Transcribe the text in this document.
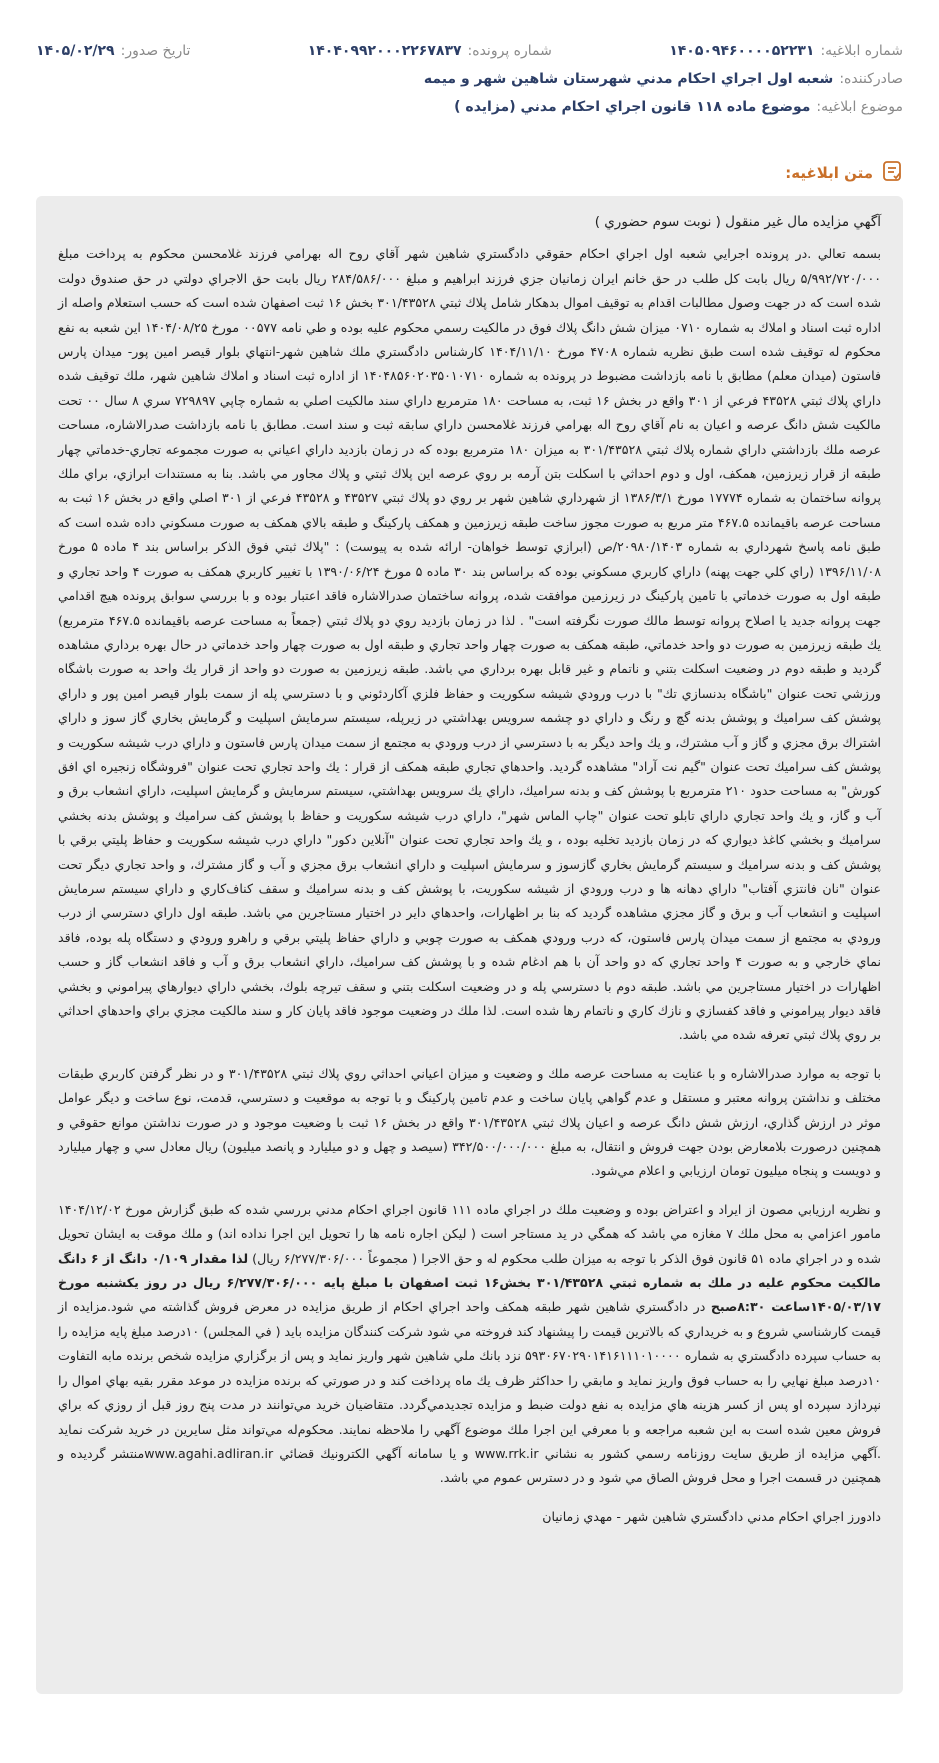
شماره ابلاغيه:
۱۴۰۵۰۹۴۶۰۰۰۰۵۲۲۳۱
شماره پرونده:
۱۴۰۴۰۹۹۲۰۰۰۲۲۶۷۸۳۷
تاريخ صدور:
۱۴۰۵/۰۲/۲۹
صادركننده:
شعبه اول اجراي احكام مدني شهرستان شاهين شهر و ميمه
موضوع ابلاغيه:
موضوع ماده ۱۱۸ قانون اجراي احكام مدني (مزايده )
متن ابلاغيه:

آگهي مزايده مال غير منقول ( نوبت سوم حضوري )

بسمه تعالي .در پرونده اجرايي شعبه اول اجراي احكام حقوقي دادگستري شاهين شهر آقاي روح اله بهرامي فرزند غلامحسن محكوم به پرداخت مبلغ ۵/۹۹۲/۷۲۰/۰۰۰ ريال بابت كل طلب در حق خانم ايران زمانيان جزي فرزند ابراهيم و مبلغ ۲۸۴/۵۸۶/۰۰۰ ريال بابت حق الاجراي دولتي در حق صندوق دولت شده است كه در جهت وصول مطالبات اقدام به توقيف اموال بدهكار شامل پلاك ثبتي ۳۰۱/۴۳۵۲۸ بخش ۱۶ ثبت اصفهان شده است كه حسب استعلام واصله از اداره ثبت اسناد و املاك به شماره ۰۷۱۰ ميزان شش دانگ پلاك فوق در مالكيت رسمي محكوم عليه بوده و طي نامه ۰۰۵۷۷ مورخ ۱۴۰۴/۰۸/۲۵ اين شعبه به نفع محكوم له توقيف شده است طبق نظريه شماره ۴۷۰۸ مورخ ۱۴۰۴/۱۱/۱۰ كارشناس دادگستري ملك شاهين شهر-انتهاي بلوار قيصر امين پور- ميدان پارس فاستون (ميدان معلم) مطابق با نامه بازداشت مضبوط در پرونده به شماره ۱۴۰۴۸۵۶۰۲۰۳۵۰۱۰۷۱۰ از اداره ثبت اسناد و املاك شاهين شهر، ملك توقيف شده داراي پلاك ثبتي ۴۳۵۲۸ فرعي از ۳۰۱ واقع در بخش ۱۶ ثبت، به مساحت ۱۸۰ مترمربع داراي سند مالكيت اصلي به شماره چاپي ۷۲۹۸۹۷ سري ۸ سال ۰۰ تحت مالكيت شش دانگ عرصه و اعيان به نام آقاي روح اله بهرامي فرزند غلامحسن داراي سابقه ثبت و سند است. مطابق با نامه بازداشت صدرالاشاره، مساحت عرصه ملك بازداشتي داراي شماره پلاك ثبتي ۳۰۱/۴۳۵۲۸ به ميزان ۱۸۰ مترمربع بوده كه در زمان بازديد داراي اعياني به صورت مجموعه تجاري-خدماتي چهار طبقه از قرار زيرزمين، همكف، اول و دوم احداثي با اسكلت بتن آرمه بر روي عرصه اين پلاك ثبتي و پلاك مجاور مي باشد. بنا به مستندات ابرازي، براي ملك پروانه ساختمان به شماره ۱۷۷۷۴ مورخ ۱۳۸۶/۳/۱ از شهرداري شاهين شهر بر روي دو پلاك ثبتي ۴۳۵۲۷ و ۴۳۵۲۸ فرعي از ۳۰۱ اصلي واقع در بخش ۱۶ ثبت به مساحت عرصه باقيمانده ۴۶۷.۵ متر مربع به صورت مجوز ساخت طبقه زيرزمين و همكف پاركينگ و طبقه بالاي همكف به صورت مسكوني داده شده است كه طبق نامه پاسخ شهرداري به شماره ۲۰۹۸۰/۱۴۰۳/ص (ابرازي توسط خواهان- ارائه شده به پيوست) : "پلاك ثبتي فوق الذكر براساس بند ۴ ماده ۵ مورخ ۱۳۹۶/۱۱/۰۸ (راي كلي جهت پهنه) داراي كاربري مسكوني بوده كه براساس بند ۳۰ ماده ۵ مورخ ۱۳۹۰/۰۶/۲۴ با تغيير كاربري همكف به صورت ۴ واحد تجاري و طبقه اول به صورت خدماتي با تامين پاركينگ در زيرزمين موافقت شده، پروانه ساختمان صدرالاشاره فاقد اعتبار بوده و با بررسي سوابق پرونده هيچ اقدامي جهت پروانه جديد يا اصلاح پروانه توسط مالك صورت نگرفته است" . لذا در زمان بازديد روي دو پلاك ثبتي (جمعاً به مساحت عرصه باقيمانده ۴۶۷.۵ مترمربع) يك طبقه زيرزمين به صورت دو واحد خدماتي، طبقه همكف به صورت چهار واحد تجاري و طبقه اول به صورت چهار واحد خدماتي در حال بهره برداري مشاهده گرديد و طبقه دوم در وضعيت اسكلت بتني و ناتمام و غير قابل بهره برداري مي باشد. طبقه زيرزمين به صورت دو واحد از قرار يك واحد به صورت باشگاه ورزشي تحت عنوان "باشگاه بدنسازي تك" با درب ورودي شيشه سكوريت و حفاظ فلزي آكاردئوني و با دسترسي پله از سمت بلوار قيصر امين پور و داراي پوشش كف سراميك و پوشش بدنه گچ و رنگ و داراي دو چشمه سرويس بهداشتي در زيرپله، سيستم سرمايش اسپليت و گرمايش بخاري گاز سوز و داراي اشتراك برق مجزي و گاز و آب مشترك، و يك واحد ديگر به با دسترسي از درب ورودي به مجتمع از سمت ميدان پارس فاستون و داراي درب شيشه سكوريت و پوشش كف سراميك تحت عنوان "گيم نت آراد" مشاهده گرديد. واحدهاي تجاري طبقه همكف از قرار : يك واحد تجاري تحت عنوان "فروشگاه زنجيره اي افق كورش" به مساحت حدود ۲۱۰ مترمربع با پوشش كف و بدنه سراميك، داراي يك سرويس بهداشتي، سيستم سرمايش و گرمايش اسپليت، داراي انشعاب برق و آب و گاز، و يك واحد تجاري داراي تابلو تحت عنوان "چاپ الماس شهر"، داراي درب شيشه سكوريت و حفاظ با پوشش كف سراميك و پوشش بدنه بخشي سراميك و بخشي كاغذ ديواري كه در زمان بازديد تخليه بوده ، و يك واحد تجاري تحت عنوان "آنلاين دكور" داراي درب شيشه سكوريت و حفاظ پليتي برقي با پوشش كف و بدنه سراميك و سيستم گرمايش بخاري گازسوز و سرمايش اسپليت و داراي انشعاب برق مجزي و آب و گاز مشترك، و واحد تجاري ديگر تحت عنوان "نان فانتزي آفتاب" داراي دهانه ها و درب ورودي از شيشه سكوريت، با پوشش كف و بدنه سراميك و سقف كناف‌كاري و داراي سيستم سرمايش اسپليت و انشعاب آب و برق و گاز مجزي مشاهده گرديد كه بنا بر اظهارات، واحدهاي داير در اختيار مستاجرين مي باشد. طبقه اول داراي دسترسي از درب ورودي به مجتمع از سمت ميدان پارس فاستون، كه درب ورودي همكف به صورت چوبي و داراي حفاظ پليتي برقي و راهرو ورودي و دستگاه پله بوده، فاقد نماي خارجي و به صورت ۴ واحد تجاري كه دو واحد آن با هم ادغام شده و با پوشش كف سراميك، داراي انشعاب برق و آب و فاقد انشعاب گاز و حسب اظهارات در اختيار مستاجرين مي باشد. طبقه دوم با دسترسي پله و در وضعيت اسكلت بتني و سقف تيرچه بلوك، بخشي داراي ديوارهاي پيراموني و بخشي فاقد ديوار پيراموني و فاقد كفسازي و نازك كاري و ناتمام رها شده است. لذا ملك در وضعيت موجود فاقد پايان كار و سند مالكيت مجزي براي واحدهاي احداثي بر روي پلاك ثبتي تعرفه شده مي باشد.

با توجه به موارد صدرالاشاره و با عنايت به مساحت عرصه ملك و وضعيت و ميزان اعياني احداثي روي پلاك ثبتي ۳۰۱/۴۳۵۲۸ و در نظر گرفتن كاربري طبقات مختلف و نداشتن پروانه معتبر و مستقل و عدم گواهي پايان ساخت و عدم تامين پاركينگ و با توجه به موقعيت و دسترسي، قدمت، نوع ساخت و ديگر عوامل موثر در ارزش گذاري، ارزش شش دانگ عرصه و اعيان پلاك ثبتي ۳۰۱/۴۳۵۲۸ واقع در بخش ۱۶ ثبت با وضعيت موجود و در صورت نداشتن موانع حقوقي و همچنين درصورت بلامعارض بودن جهت فروش و انتقال، به مبلغ ۳۴۲/۵۰۰/۰۰۰/۰۰۰ (سيصد و چهل و دو ميليارد و پانصد ميليون) ريال معادل سي و چهار ميليارد و دويست و پنجاه ميليون تومان ارزيابي و اعلام مي‌شود.

و نظريه ارزيابي مصون از ايراد و اعتراض بوده و وضعيت ملك در اجراي ماده ۱۱۱ قانون اجراي احكام مدني بررسي شده كه طبق گزارش مورخ ۱۴۰۴/۱۲/۰۲ مامور اعزامي به محل ملك ۷ مغازه مي باشد كه همگي در يد مستاجر است ( ليكن اجاره نامه ها را تحويل اين اجرا نداده اند) و ملك موقت به ايشان تحويل شده و در اجراي ماده ۵۱ قانون فوق الذكر با توجه به ميزان طلب محكوم له و حق الاجرا ( مجموعاً ۶/۲۷۷/۳۰۶/۰۰۰ ريال) لذا مقدار ۰/۱۰۹ دانگ از ۶ دانگ مالكيت محكوم عليه در ملك به شماره ثبتي ۳۰۱/۴۳۵۲۸ بخش۱۶ ثبت اصفهان با مبلغ پايه ۶/۲۷۷/۳۰۶/۰۰۰ ريال در روز يكشنبه مورخ ۱۴۰۵/۰۳/۱۷ساعت ۸:۳۰صبح در دادگستري شاهين شهر طبقه همكف واحد اجراي احكام از طريق مزايده در معرض فروش گذاشته مي شود.مزايده از قيمت كارشناسي شروع و به خريداري كه بالاترين قيمت را پيشنهاد كند فروخته مي شود شركت كنندگان مزايده بايد ( في المجلس) ۱۰درصد مبلغ پايه مزايده را به حساب سپرده دادگستري به شماره ۵۹۳۰۶۷۰۲۹۰۱۴۱۶۱۱۱۰۱۰۰۰۰ نزد بانك ملي شاهين شهر واريز نمايد و پس از برگزاري مزايده شخص برنده مابه التفاوت ۱۰درصد مبلغ نهايي را به حساب فوق واريز نمايد و مابقي را حداكثر ظرف يك ماه پرداخت كند و در صورتي كه برنده مزايده در موعد مقرر بقيه بهاي اموال را نپردازد سپرده او پس از كسر هزينه هاي مزايده به نفع دولت ضبط و مزايده تجديدمي‌گردد. متقاضيان خريد مي‌توانند در مدت پنج روز قبل از روزي كه براي فروش معين شده است به اين شعبه مراجعه و با معرفي اين اجرا ملك موضوع آگهي را ملاحظه نمايند. محكوم‌له مي‌تواند مثل سايرين در خريد شركت نمايد .آگهي مزايده از طريق سايت روزنامه رسمي كشور به نشاني www.rrk.ir و يا سامانه آگهي الكترونيك قضائي www.agahi.adliran.irمنتشر گرديده و همچنين در قسمت اجرا و محل فروش الصاق مي شود و در دسترس عموم مي باشد.

دادورز اجراي احكام مدني دادگستري شاهين شهر - مهدي زمانيان
